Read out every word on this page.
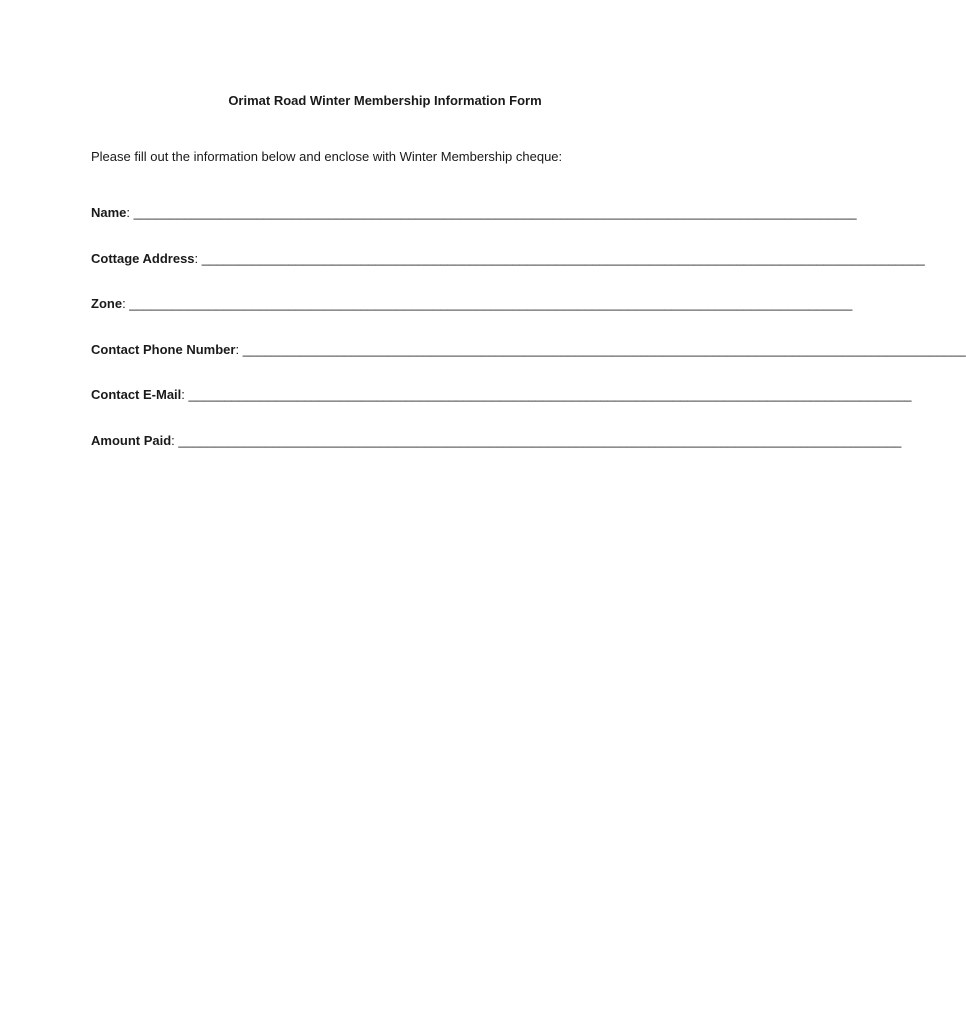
Orimat Road Winter Membership Information Form
Please fill out the information below and enclose with Winter Membership cheque:
Name: ____________________________________________________________________________________________________
Cottage Address: ____________________________________________________________________________________________________
Zone: ____________________________________________________________________________________________________
Contact Phone Number: ____________________________________________________________________________________________________
Contact E-Mail: ____________________________________________________________________________________________________
Amount Paid: ____________________________________________________________________________________________________
